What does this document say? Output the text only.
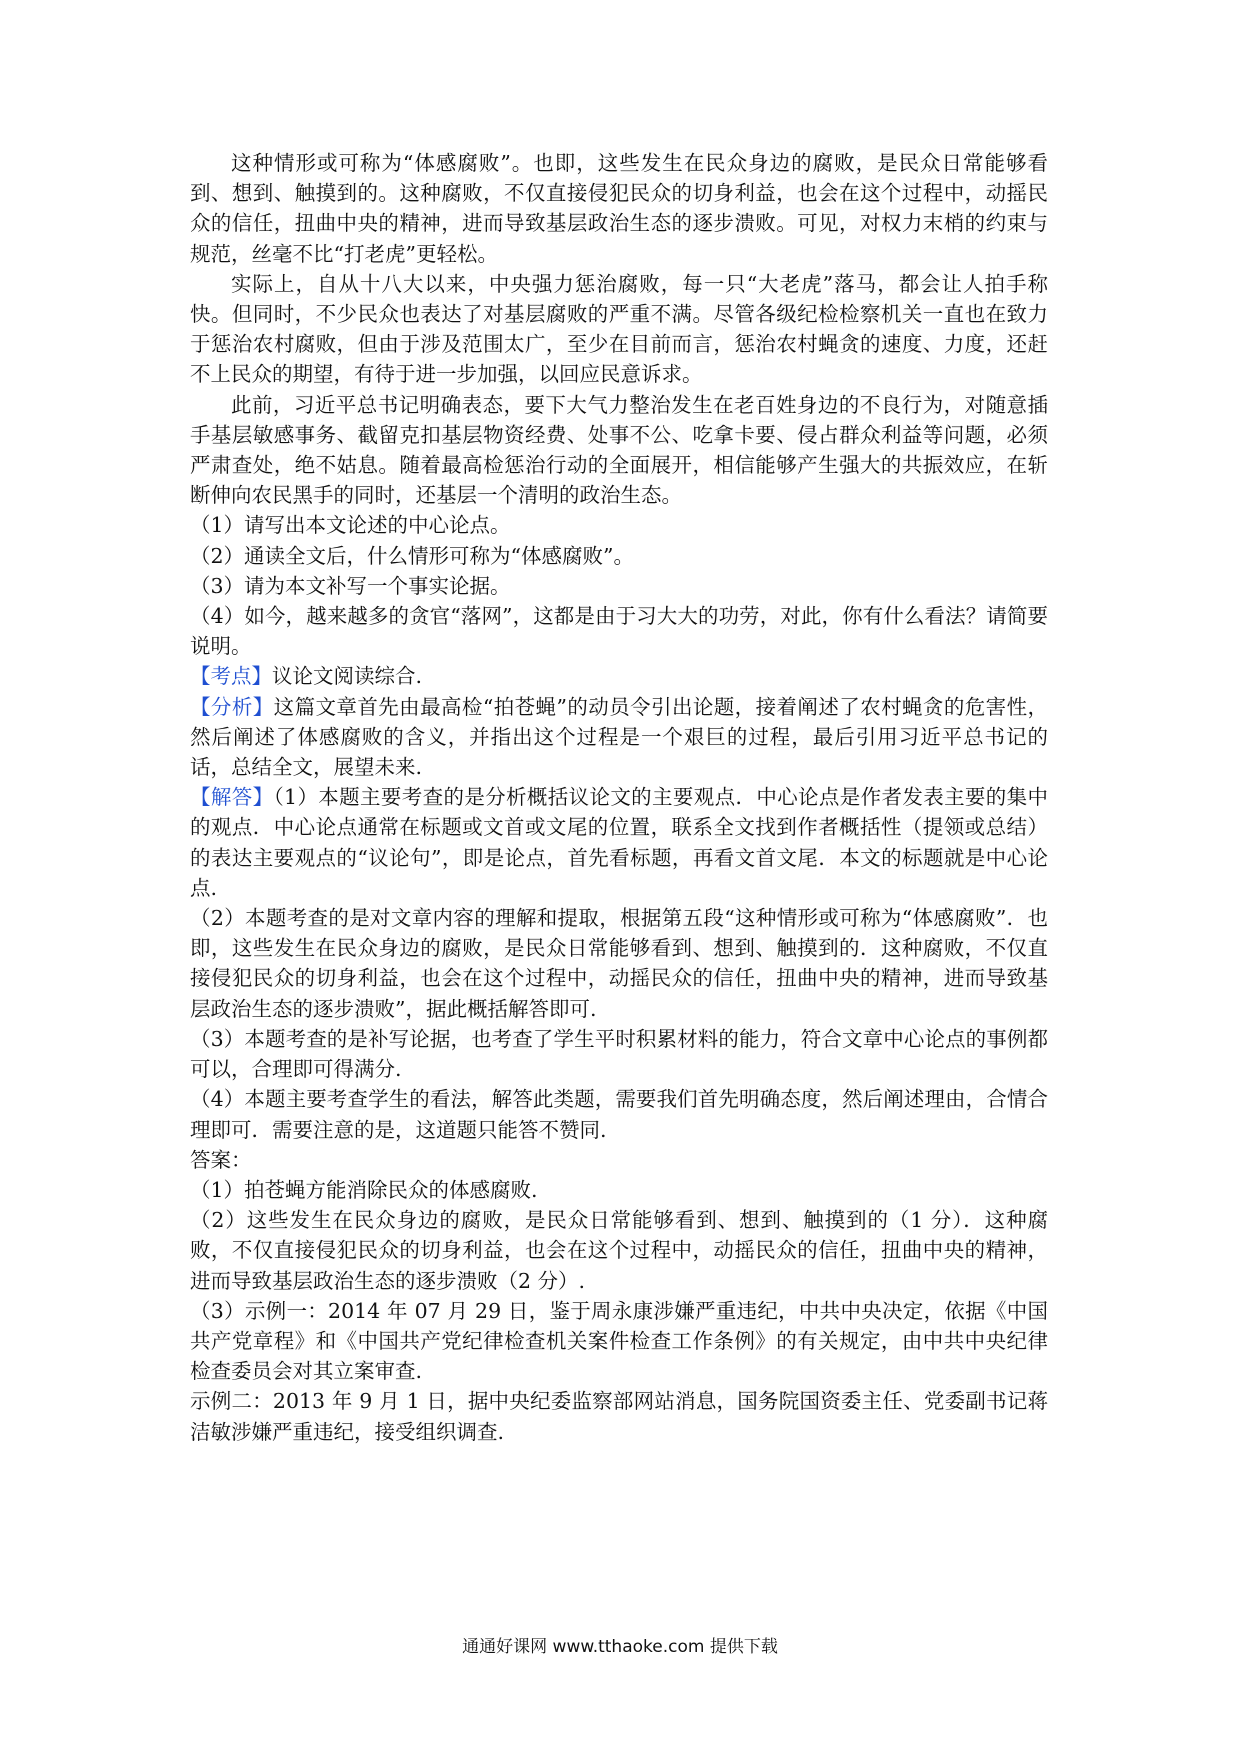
这种情形或可称为“体感腐败”。也即，这些发生在民众身边的腐败，是民众日常能够看到、想到、触摸到的。这种腐败，不仅直接侵犯民众的切身利益，也会在这个过程中，动摇民众的信任，扭曲中央的精神，进而导致基层政治生态的逐步溃败。可见，对权力末梢的约束与规范，丝毫不比“打老虎”更轻松。

实际上，自从十八大以来，中央强力惩治腐败，每一只“大老虎”落马，都会让人拍手称快。但同时，不少民众也表达了对基层腐败的严重不满。尽管各级纪检检察机关一直也在致力于惩治农村腐败，但由于涉及范围太广，至少在目前而言，惩治农村蝇贪的速度、力度，还赶不上民众的期望，有待于进一步加强，以回应民意诉求。

此前，习近平总书记明确表态，要下大气力整治发生在老百姓身边的不良行为，对随意插手基层敏感事务、截留克扣基层物资经费、处事不公、吃拿卡要、侵占群众利益等问题，必须严肃查处，绝不姑息。随着最高检惩治行动的全面展开，相信能够产生强大的共振效应，在斩断伸向农民黑手的同时，还基层一个清明的政治生态。

（1）请写出本文论述的中心论点。

（2）通读全文后，什么情形可称为“体感腐败”。

（3）请为本文补写一个事实论据。

（4）如今，越来越多的贪官“落网”，这都是由于习大大的功劳，对此，你有什么看法？请简要说明。

【考点】议论文阅读综合.

【分析】这篇文章首先由最高检“拍苍蝇”的动员令引出论题，接着阐述了农村蝇贪的危害性，然后阐述了体感腐败的含义，并指出这个过程是一个艰巨的过程，最后引用习近平总书记的话，总结全文，展望未来.

【解答】（1）本题主要考查的是分析概括议论文的主要观点．中心论点是作者发表主要的集中的观点．中心论点通常在标题或文首或文尾的位置，联系全文找到作者概括性（提领或总结）的表达主要观点的“议论句”，即是论点，首先看标题，再看文首文尾．本文的标题就是中心论点.

（2）本题考查的是对文章内容的理解和提取，根据第五段“这种情形或可称为“体感腐败”．也即，这些发生在民众身边的腐败，是民众日常能够看到、想到、触摸到的．这种腐败，不仅直接侵犯民众的切身利益，也会在这个过程中，动摇民众的信任，扭曲中央的精神，进而导致基层政治生态的逐步溃败”，据此概括解答即可.

（3）本题考查的是补写论据，也考查了学生平时积累材料的能力，符合文章中心论点的事例都可以，合理即可得满分.

（4）本题主要考查学生的看法，解答此类题，需要我们首先明确态度，然后阐述理由，合情合理即可．需要注意的是，这道题只能答不赞同.

答案：

（1）拍苍蝇方能消除民众的体感腐败.

（2）这些发生在民众身边的腐败，是民众日常能够看到、想到、触摸到的（1 分）．这种腐败，不仅直接侵犯民众的切身利益，也会在这个过程中，动摇民众的信任，扭曲中央的精神，进而导致基层政治生态的逐步溃败（2 分）.

（3）示例一：2014 年 07 月 29 日，鉴于周永康涉嫌严重违纪，中共中央决定，依据《中国共产党章程》和《中国共产党纪律检查机关案件检查工作条例》的有关规定，由中共中央纪律检查委员会对其立案审查.

示例二：2013 年 9 月 1 日，据中央纪委监察部网站消息，国务院国资委主任、党委副书记蒋洁敏涉嫌严重违纪，接受组织调查.

通通好课网 www.tthaoke.com 提供下载
